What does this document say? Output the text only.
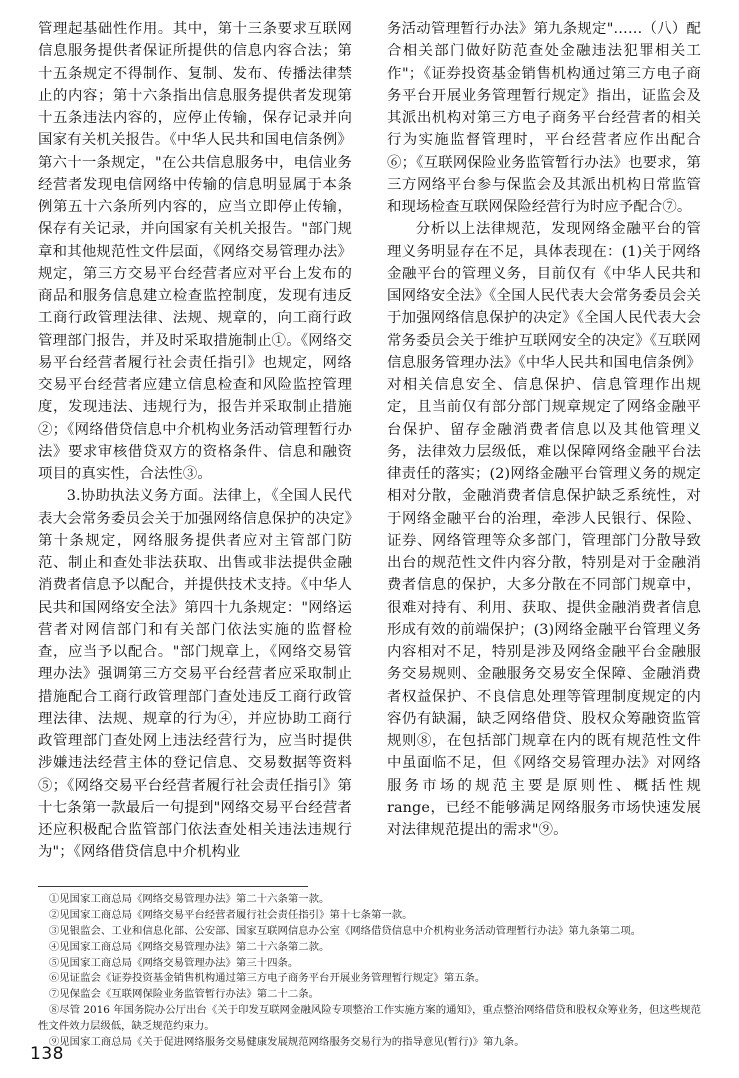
管理起基础性作用。其中，第十三条要求互联网信息服务提供者保证所提供的信息内容合法；第十五条规定不得制作、复制、发布、传播法律禁止的内容；第十六条指出信息服务提供者发现第十五条违法内容的，应停止传输，保存记录并向国家有关机关报告。《中华人民共和国电信条例》第六十一条规定，"在公共信息服务中，电信业务经营者发现电信网络中传输的信息明显属于本条例第五十六条所列内容的，应当立即停止传输，保存有关记录，并向国家有关机关报告。"部门规章和其他规范性文件层面，《网络交易管理办法》规定，第三方交易平台经营者应对平台上发布的商品和服务信息建立检查监控制度，发现有违反工商行政管理法律、法规、规章的，向工商行政管理部门报告，并及时采取措施制止①。《网络交易平台经营者履行社会责任指引》也规定，网络交易平台经营者应建立信息检查和风险监控管理度，发现违法、违规行为，报告并采取制止措施②；《网络借贷信息中介机构业务活动管理暂行办法》要求审核借贷双方的资格条件、信息和融资项目的真实性，合法性③。

3.协助执法义务方面。法律上，《全国人民代表大会常务委员会关于加强网络信息保护的决定》第十条规定，网络服务提供者应对主管部门防范、制止和查处非法获取、出售或非法提供金融消费者信息予以配合，并提供技术支持。《中华人民共和国网络安全法》第四十九条规定："网络运营者对网信部门和有关部门依法实施的监督检查，应当予以配合。"部门规章上，《网络交易管理办法》强调第三方交易平台经营者应采取制止措施配合工商行政管理部门查处违反工商行政管理法律、法规、规章的行为④，并应协助工商行政管理部门查处网上违法经营行为，应当时提供涉嫌违法经营主体的登记信息、交易数据等资料⑤；《网络交易平台经营者履行社会责任指引》第十七条第一款最后一句提到"网络交易平台经营者还应积极配合监管部门依法查处相关违法违规行为"；《网络借贷信息中介机构业

务活动管理暂行办法》第九条规定"……（八）配合相关部门做好防范查处金融违法犯罪相关工作"；《证券投资基金销售机构通过第三方电子商务平台开展业务管理暂行规定》指出，证监会及其派出机构对第三方电子商务平台经营者的相关行为实施监督管理时，平台经营者应作出配合⑥；《互联网保险业务监管暂行办法》也要求，第三方网络平台参与保监会及其派出机构日常监管和现场检查互联网保险经营行为时应予配合⑦。

分析以上法律规范，发现网络金融平台的管理义务明显存在不足，具体表现在：(1)关于网络金融平台的管理义务，目前仅有《中华人民共和国网络安全法》《全国人民代表大会常务委员会关于加强网络信息保护的决定》《全国人民代表大会常务委员会关于维护互联网安全的决定》《互联网信息服务管理办法》《中华人民共和国电信条例》对相关信息安全、信息保护、信息管理作出规定，且当前仅有部分部门规章规定了网络金融平台保护、留存金融消费者信息以及其他管理义务，法律效力层级低，难以保障网络金融平台法律责任的落实；(2)网络金融平台管理义务的规定相对分散，金融消费者信息保护缺乏系统性，对于网络金融平台的治理，牵涉人民银行、保险、证券、网络管理等众多部门，管理部门分散导致出台的规范性文件内容分散，特别是对于金融消费者信息的保护，大多分散在不同部门规章中，很难对持有、利用、获取、提供金融消费者信息形成有效的前端保护；(3)网络金融平台管理义务内容相对不足，特别是涉及网络金融平台金融服务交易规则、金融服务交易安全保障、金融消费者权益保护、不良信息处理等管理制度规定的内容仍有缺漏，缺乏网络借贷、股权众筹融资监管规则⑧，在包括部门规章在内的既有规范性文件中虽面临不足，但《网络交易管理办法》对网络服务市场的规范主要是原则性、概括性规range，已经不能够满足网络服务市场快速发展对法律规范提出的需求"⑨。

①见国家工商总局《网络交易管理办法》第二十六条第一款。

②见国家工商总局《网络交易平台经营者履行社会责任指引》第十七条第一款。

③见银监会、工业和信息化部、公安部、国家互联网信息办公室《网络借贷信息中介机构业务活动管理暂行办法》第九条第二项。

④见国家工商总局《网络交易管理办法》第二十六条第二款。

⑤见国家工商总局《网络交易管理办法》第三十四条。

⑥见证监会《证券投资基金销售机构通过第三方电子商务平台开展业务管理暂行规定》第五条。

⑦见保监会《互联网保险业务监管暂行办法》第二十二条。

⑧尽管 2016 年国务院办公厅出台《关于印发互联网金融风险专项整治工作实施方案的通知》，重点整治网络借贷和股权众筹业务，但这些规范性文件效力层级低，缺乏规范约束力。

⑨见国家工商总局《关于促进网络服务交易健康发展规范网络服务交易行为的指导意见(暂行)》第九条。

138
